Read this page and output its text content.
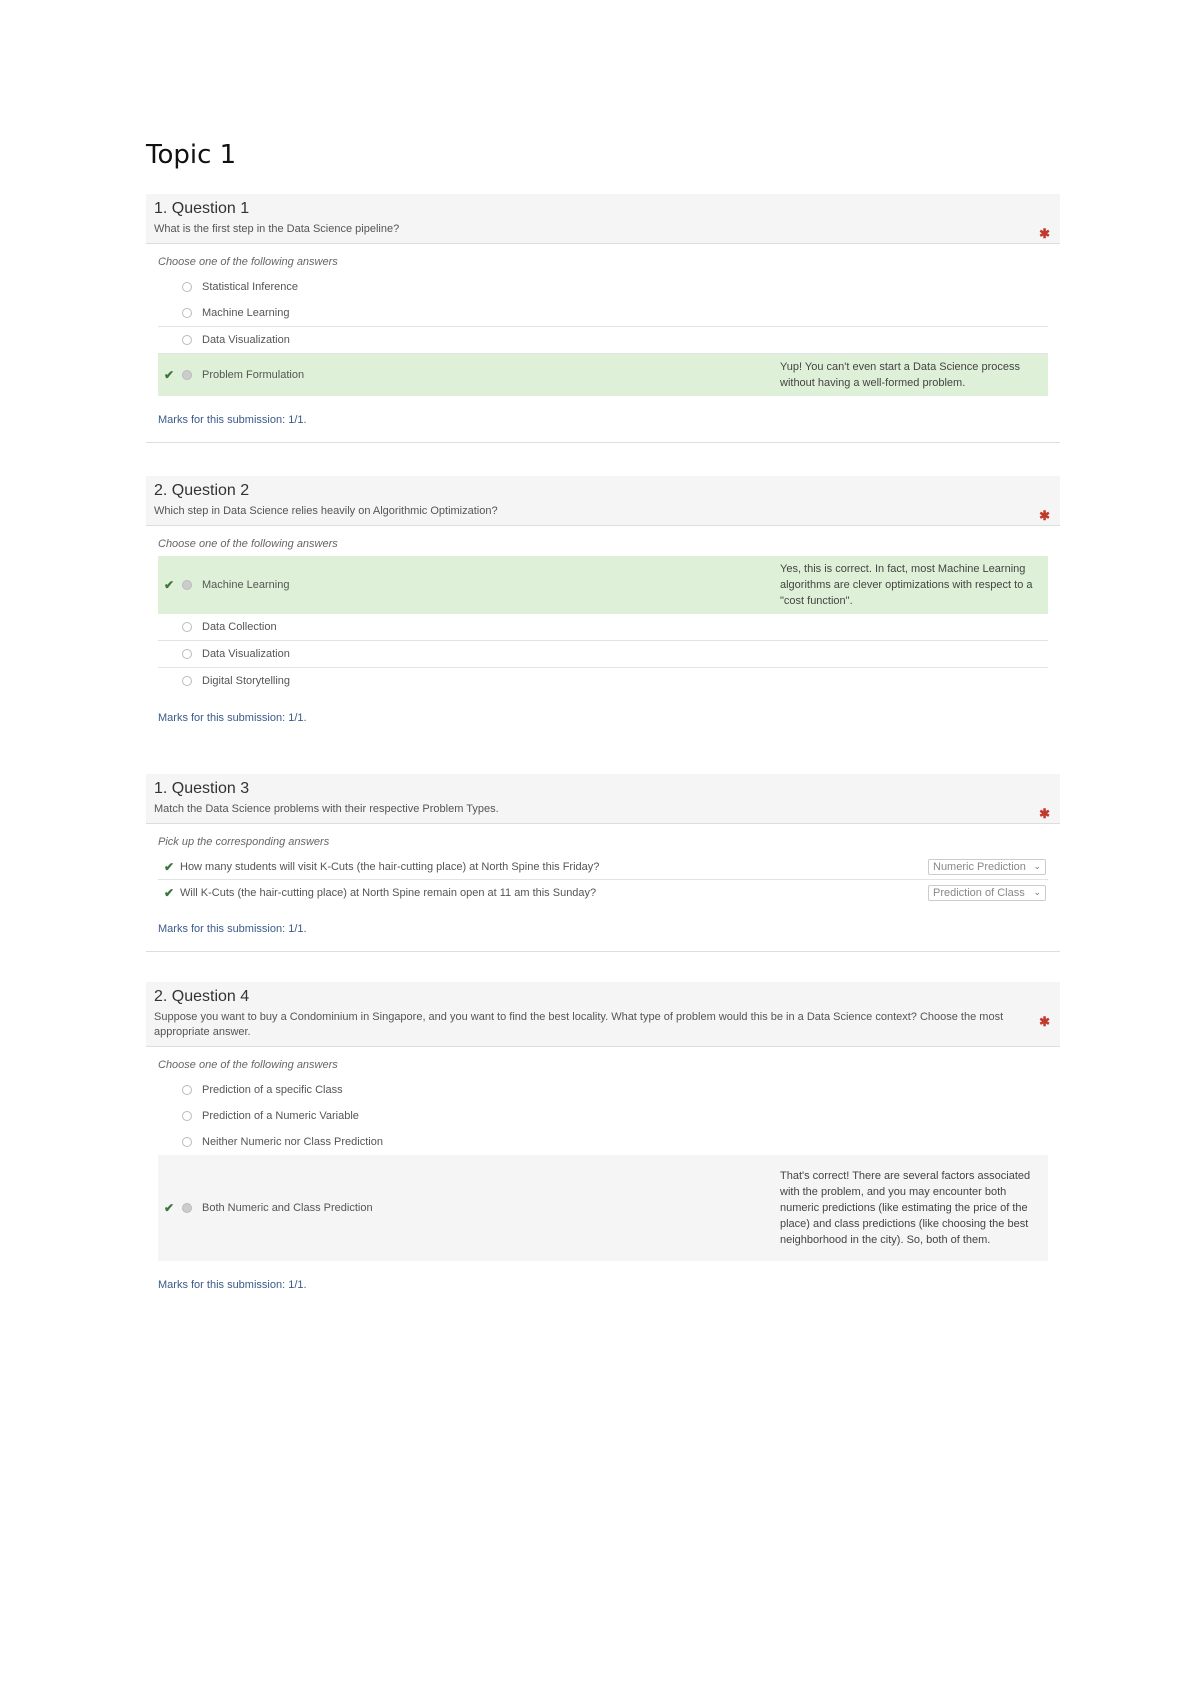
Topic 1
1. Question 1
What is the first step in the Data Science pipeline?	✱
Choose one of the following answers
Statistical Inference
Machine Learning
Data Visualization
✔	Problem Formulation
Yup! You can't even start a Data Science process without having a well-formed problem.
Marks for this submission: 1/1.
2. Question 2
Which step in Data Science relies heavily on Algorithmic Optimization?	✱
Choose one of the following answers
✔	Machine Learning
Yes, this is correct. In fact, most Machine Learning algorithms are clever optimizations with respect to a "cost function".
Data Collection
Data Visualization
Digital Storytelling
Marks for this submission: 1/1.
1. Question 3
Match the Data Science problems with their respective Problem Types.	✱
Pick up the corresponding answers
✔ How many students will visit K-Cuts (the hair-cutting place) at North Spine this Friday?	Numeric Prediction ⌄
✔ Will K-Cuts (the hair-cutting place) at North Spine remain open at 11 am this Sunday?	Prediction of Class ⌄
Marks for this submission: 1/1.
2. Question 4
Suppose you want to buy a Condominium in Singapore, and you want to find the best locality. What type of problem would this be in a Data Science context? Choose the most appropriate answer.
✱
Choose one of the following answers
Prediction of a specific Class
Prediction of a Numeric Variable
Neither Numeric nor Class Prediction
✔	Both Numeric and Class Prediction
That's correct! There are several factors associated with the problem, and you may encounter both numeric predictions (like estimating the price of the place) and class predictions (like choosing the best neighborhood in the city). So, both of them.
Marks for this submission: 1/1.
